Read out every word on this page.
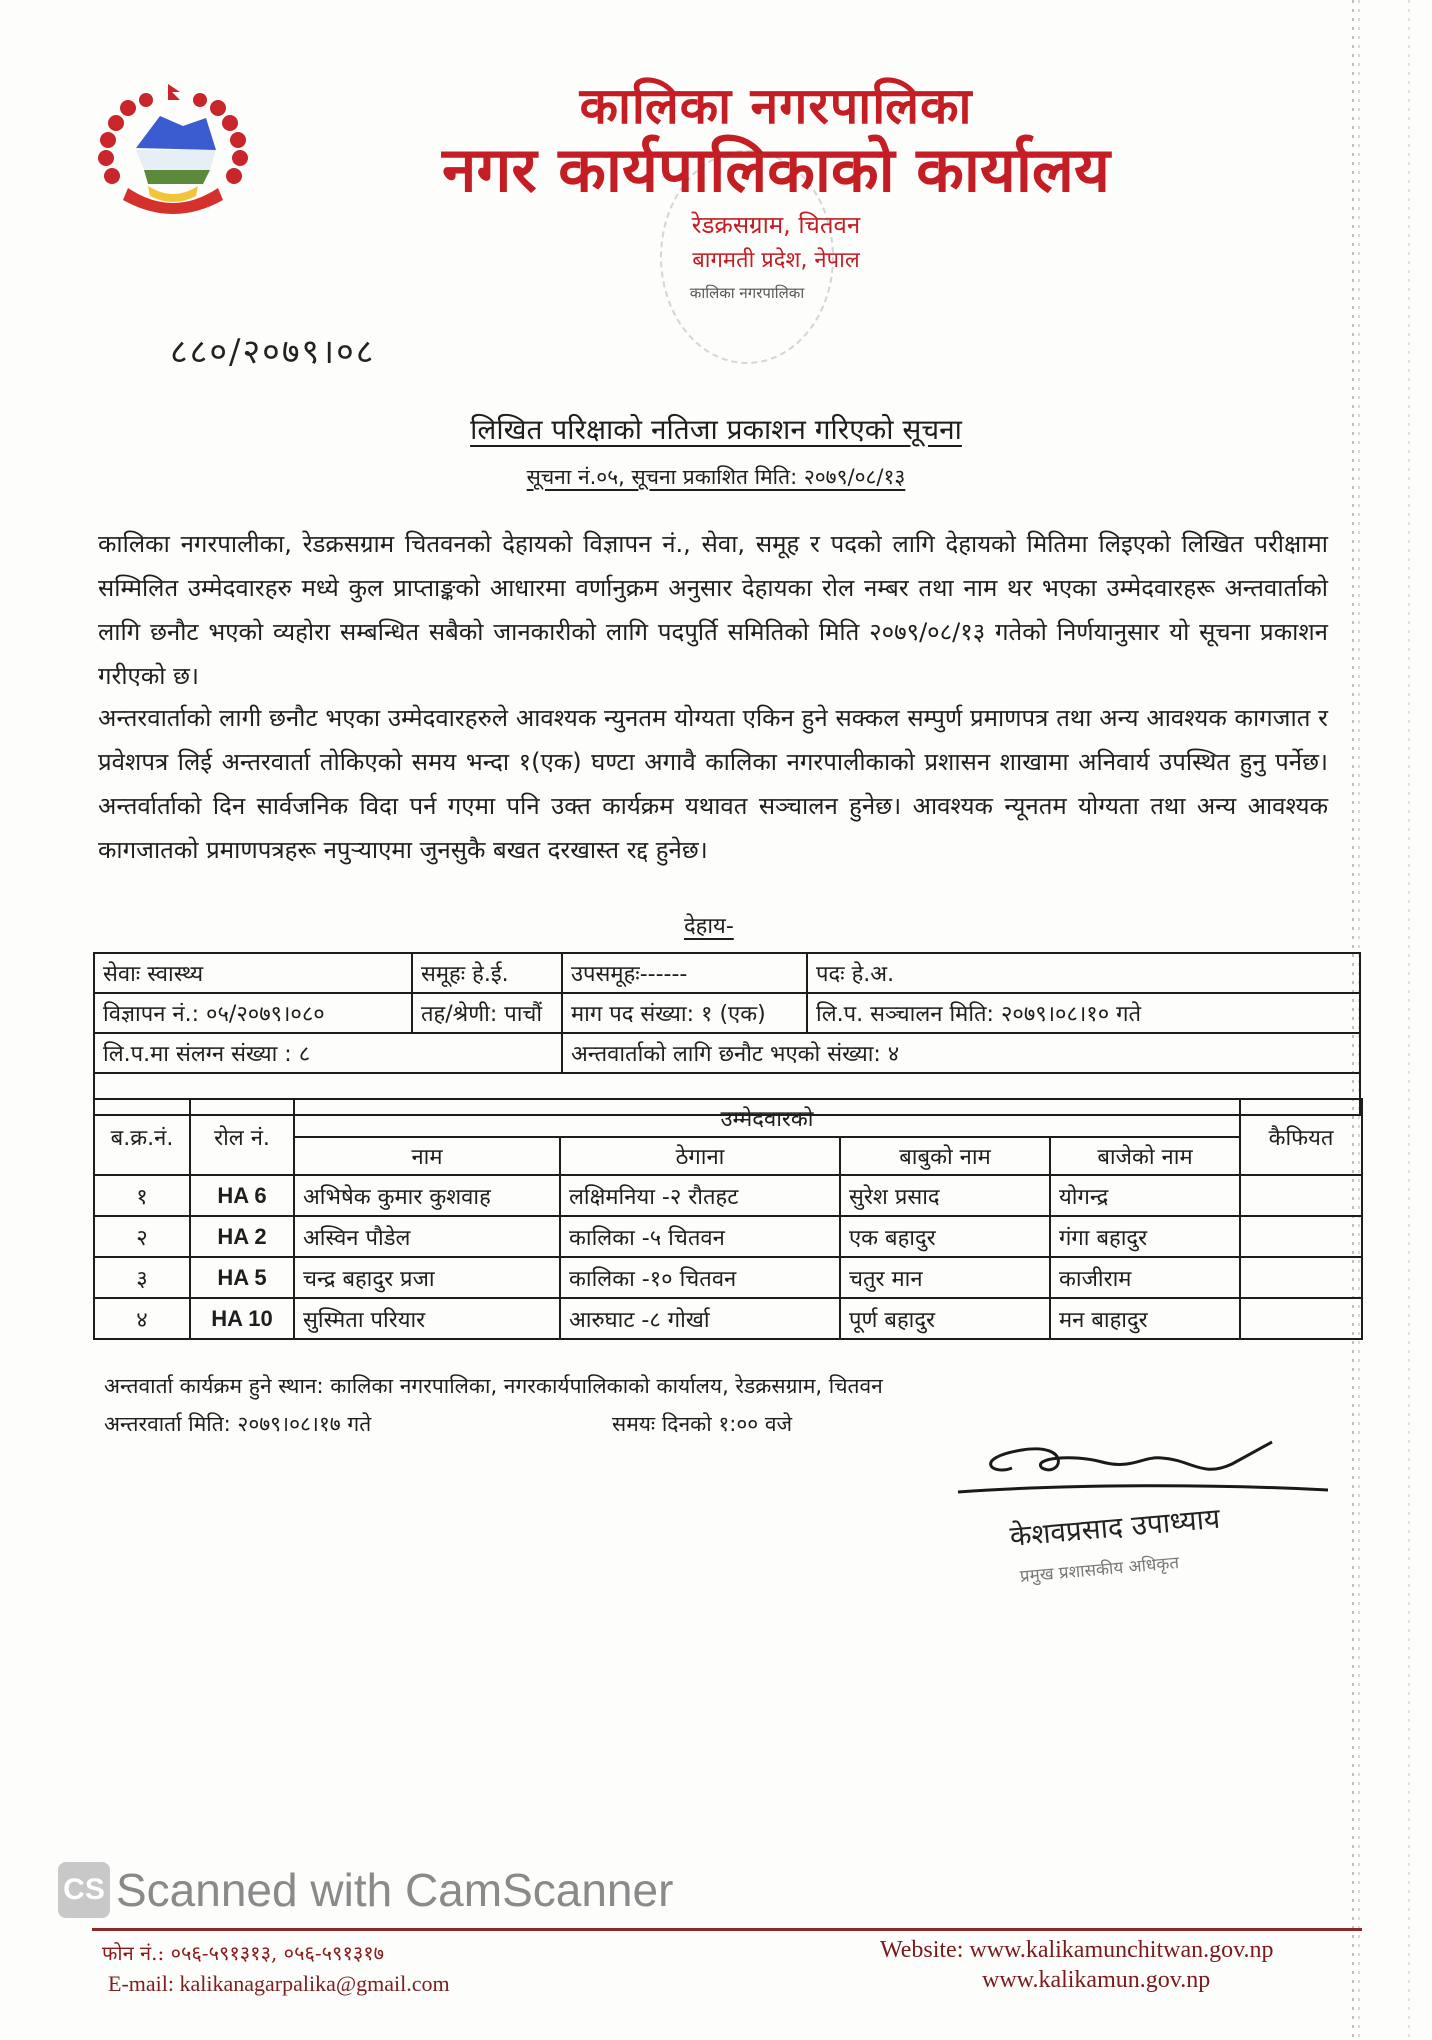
कालिका नगरपालिका
नगर कार्यपालिकाको कार्यालय
रेडक्रसग्राम, चितवन
बागमती प्रदेश, नेपाल
कालिका नगरपालिका
८८०/२०७९।०८
लिखित परिक्षाको नतिजा प्रकाशन गरिएको सूचना
सूचना नं.०५, सूचना प्रकाशित मिति: २०७९/०८/१३
कालिका नगरपालीका, रेडक्रसग्राम चितवनको देहायको विज्ञापन नं., सेवा, समूह र पदको लागि देहायको मितिमा लिइएको लिखित परीक्षामा सम्मिलित उम्मेदवारहरु मध्ये कुल प्राप्ताङ्कको आधारमा वर्णानुक्रम अनुसार देहायका रोल नम्बर तथा नाम थर भएका उम्मेदवारहरू अन्तवार्ताको लागि छनौट भएको व्यहोरा सम्बन्धित सबैको जानकारीको लागि पदपुर्ति समितिको मिति २०७९/०८/१३ गतेको निर्णयानुसार यो सूचना प्रकाशन गरीएको छ।
अन्तरवार्ताको लागी छनौट भएका उम्मेदवारहरुले आवश्यक न्युनतम योग्यता एकिन हुने सक्कल सम्पुर्ण प्रमाणपत्र तथा अन्य आवश्यक कागजात र प्रवेशपत्र लिई अन्तरवार्ता तोकिएको समय भन्दा १(एक) घण्टा अगावै कालिका नगरपालीकाको प्रशासन शाखामा अनिवार्य उपस्थित हुनु पर्नेछ। अन्तर्वार्ताको दिन सार्वजनिक विदा पर्न गएमा पनि उक्त कार्यक्रम यथावत सञ्चालन हुनेछ। आवश्यक न्यूनतम योग्यता तथा अन्य आवश्यक कागजातको प्रमाणपत्रहरू नपुऱ्याएमा जुनसुकै बखत दरखास्त रद्द हुनेछ।
देहाय-
सेवाः स्वास्थ्य	समूहः हे.ई.	उपसमूहः------	पदः हे.अ.
विज्ञापन नं.: ०५/२०७९।०८०	तह/श्रेणी: पाचौं	माग पद संख्या: १ (एक)	लि.प. सञ्चालन मिति: २०७९।०८।१० गते
लि.प.मा संलग्न संख्या : ८		अन्तवार्ताको लागि छनौट भएको संख्या: ४	

ब.क्र.नं.	रोल नं.	उम्मेदवारको				कैफियत
		नाम	ठेगाना	बाबुको नाम	बाजेको नाम	
१	HA 6	अभिषेक कुमार कुशवाह	लक्षिमनिया -२ रौतहट	सुरेश प्रसाद	योगन्द्र	
२	HA 2	अस्विन पौडेल	कालिका -५ चितवन	एक बहादुर	गंगा बहादुर	
३	HA 5	चन्द्र बहादुर प्रजा	कालिका -१० चितवन	चतुर मान	काजीराम	
४	HA 10	सुस्मिता परियार	आरुघाट -८ गोर्खा	पूर्ण बहादुर	मन बाहादुर	
अन्तवार्ता कार्यक्रम हुने स्थान: कालिका नगरपालिका, नगरकार्यपालिकाको कार्यालय, रेडक्रसग्राम, चितवन
अन्तरवार्ता मिति: २०७९।०८।१७ गते	समयः दिनको १:०० वजे
केशवप्रसाद उपाध्याय
प्रमुख प्रशासकीय अधिकृत
CS Scanned with CamScanner
फोन नं.: ०५६-५९१३१३, ०५६-५९१३१७
E-mail: kalikanagarpalika@gmail.com
Website: www.kalikamunchitwan.gov.np
www.kalikamun.gov.np
